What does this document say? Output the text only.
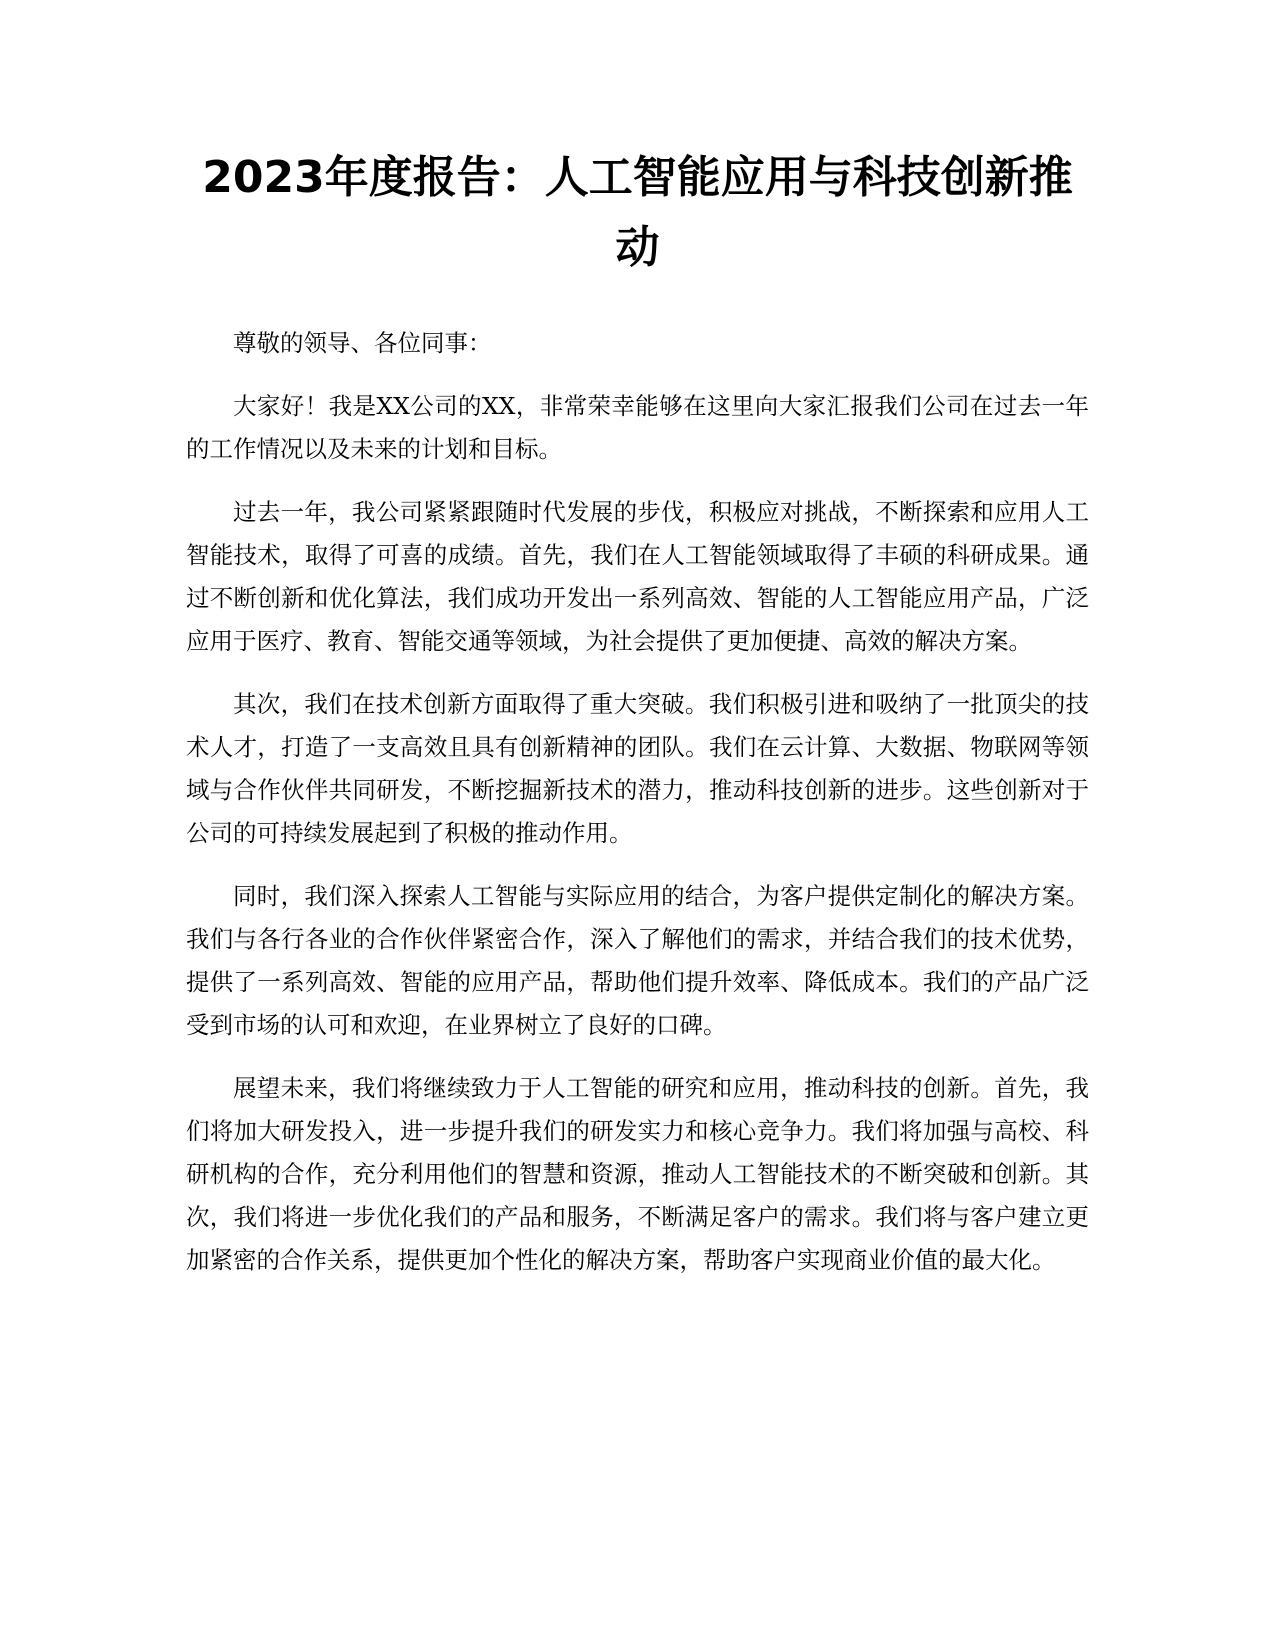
2023年度报告：人工智能应用与科技创新推动

尊敬的领导、各位同事：

大家好！我是XX公司的XX，非常荣幸能够在这里向大家汇报我们公司在过去一年的工作情况以及未来的计划和目标。

过去一年，我公司紧紧跟随时代发展的步伐，积极应对挑战，不断探索和应用人工智能技术，取得了可喜的成绩。首先，我们在人工智能领域取得了丰硕的科研成果。通过不断创新和优化算法，我们成功开发出一系列高效、智能的人工智能应用产品，广泛应用于医疗、教育、智能交通等领域，为社会提供了更加便捷、高效的解决方案。

其次，我们在技术创新方面取得了重大突破。我们积极引进和吸纳了一批顶尖的技术人才，打造了一支高效且具有创新精神的团队。我们在云计算、大数据、物联网等领域与合作伙伴共同研发，不断挖掘新技术的潜力，推动科技创新的进步。这些创新对于公司的可持续发展起到了积极的推动作用。

同时，我们深入探索人工智能与实际应用的结合，为客户提供定制化的解决方案。我们与各行各业的合作伙伴紧密合作，深入了解他们的需求，并结合我们的技术优势，提供了一系列高效、智能的应用产品，帮助他们提升效率、降低成本。我们的产品广泛受到市场的认可和欢迎，在业界树立了良好的口碑。

展望未来，我们将继续致力于人工智能的研究和应用，推动科技的创新。首先，我们将加大研发投入，进一步提升我们的研发实力和核心竞争力。我们将加强与高校、科研机构的合作，充分利用他们的智慧和资源，推动人工智能技术的不断突破和创新。其次，我们将进一步优化我们的产品和服务，不断满足客户的需求。我们将与客户建立更加紧密的合作关系，提供更加个性化的解决方案，帮助客户实现商业价值的最大化。
